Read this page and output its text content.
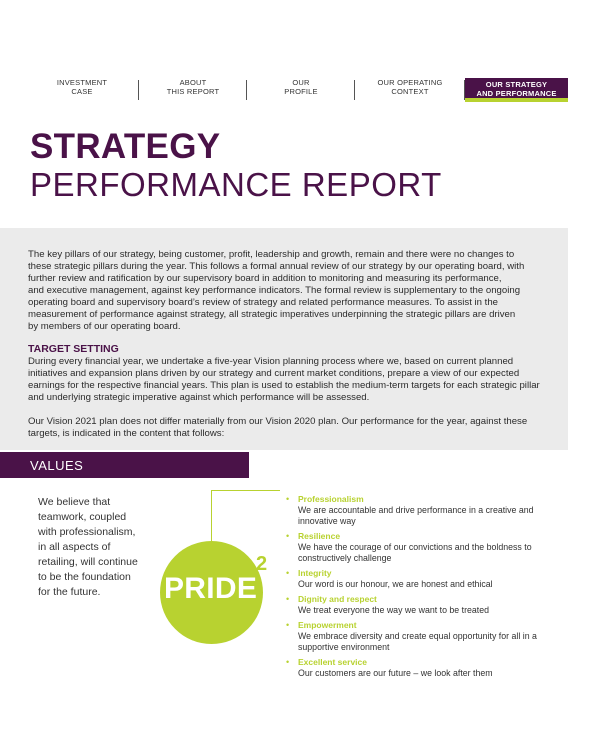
INVESTMENT
CASE
ABOUT
THIS REPORT
OUR
PROFILE
OUR OPERATING
CONTEXT
OUR STRATEGY
AND PERFORMANCE
STRATEGY
PERFORMANCE REPORT

The key pillars of our strategy, being customer, profit, leadership and growth, remain and there were no changes to

these strategic pillars during the year. This follows a formal annual review of our strategy by our operating board, with

further review and ratification by our supervisory board in addition to monitoring and measuring its performance,

and executive management, against key performance indicators. The formal review is supplementary to the ongoing

operating board and supervisory board’s review of strategy and related performance measures. To assist in the

measurement of performance against strategy, all strategic imperatives underpinning the strategic pillars are driven

by members of our operating board.

TARGET SETTING

During every financial year, we undertake a five-year Vision planning process where we, based on current planned

initiatives and expansion plans driven by our strategy and current market conditions, prepare a view of our expected

earnings for the respective financial years. This plan is used to establish the medium-term targets for each strategic pillar

and underlying strategic imperative against which performance will be assessed.

Our Vision 2021 plan does not differ materially from our Vision 2020 plan. Our performance for the year, against these

targets, is indicated in the content that follows:

VALUES

We believe that

teamwork, coupled

with professionalism,

in all aspects of

retailing, will continue

to be the foundation

for the future.	PRIDE
2
• Professionalism
We are accountable and drive performance in a creative and
innovative way
• Resilience
We have the courage of our convictions and the boldness to
constructively challenge
• Integrity
Our word is our honour, we are honest and ethical
• Dignity and respect
We treat everyone the way we want to be treated
• Empowerment
We embrace diversity and create equal opportunity for all in a
supportive environment
• Excellent service
Our customers are our future – we look after them
